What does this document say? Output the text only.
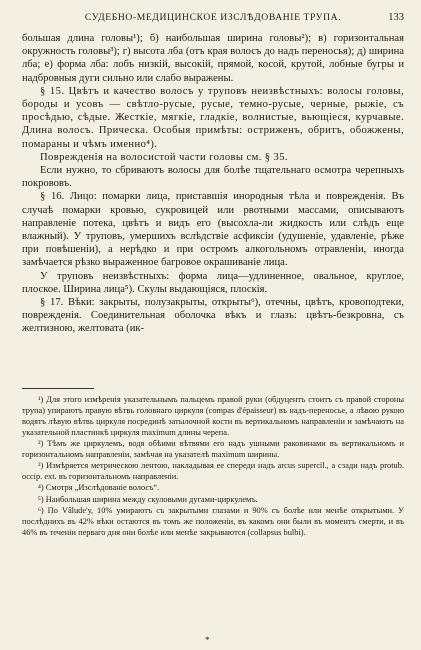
СУДЕБНО-МЕДИЦИНСКОЕ ИЗСЛѢДОВАНIЕ ТРУПА.	133

большая длина головы¹); б) наибольшая ширина головы²); в) горизонтальная окружность головы³); г) высота лба (отъ края волосъ до надъ переносья); д) ширина лба; е) форма лба: лобъ низкiй, высокiй, прямой, косой, крутой, лобные бугры и надбровныя дуги сильно или слабо выражены.

§ 15. Цвѣтъ и качество волосъ у труповъ неизвѣстныхъ: волосы головы, бороды и усовъ — свѣтло-русые, русые, темно-русые, черные, рыжiе, съ просѣдью, сѣдые. Жесткiе, мягкiе, гладкiе, волнистые, вьющiеся, курчавые. Длина волосъ. Прическа. Особыя примѣты: остриженъ, обритъ, обожжены, помараны и чѣмъ именно⁴).

Поврежденiя на волосистой части головы см. § 35.

Если нужно, то сбриваютъ волосы для болѣе тщательнаго осмотра черепныхъ покрововъ.

§ 16. Лицо: помарки лица, приставшiя инородныя тѣла и поврежденiя. Въ случаѣ помарки кровью, сукровицей или рвотными массами, описываютъ направленiе потека, цвѣтъ и видъ его (высохла-ли жидкость или слѣдъ еще влажный). У труповъ, умершихъ вслѣдствiе асфиксiи (удушенiе, удавленiе, рѣже при повѣшенiи), а нерѣдко и при остромъ алкогольномъ отравленiи, иногда замѣчается рѣзко выраженное багровое окрашиванiе лица.

У труповъ неизвѣстныхъ: форма лица—удлиненное, овальное, круглое, плоское. Ширина лица⁵). Скулы выдающiяся, плоскiя.

§ 17. Вѣки: закрыты, полузакрыты, открыты⁶), отечны, цвѣтъ, кровоподтеки, поврежденiя. Соединительная оболочка вѣкъ и глазъ: цвѣтъ-безкровна, съ желтизною, желтовата (ик-

¹) Для этого измѣренiя указательнымъ пальцемъ правой руки (обдуцентъ стоитъ съ правой стороны трупа) упираютъ правую вѣтвь головнаго циркуля (compas d'épaisseur) въ надъ-переносье, а лѣвою рукою водятъ лѣвую вѣтвь циркуля посрединѣ затылочной кости въ вертикальномъ направленiи и замѣчаютъ на указательной пластинкѣ циркуля maximum длины черепа.

²) Тѣмъ же циркулемъ, водя обѣими вѣтвями его надъ ушными раковинами въ вертикальномъ и горизонтальномъ направленiи, замѣчая на указателѣ maximum ширины.

³) Измѣряется метрическою лентою, накладывая ее спереди надъ arcus supercil., а сзади надъ protub. occip. ext. въ горизонтальномъ направленiи.

⁴) Смотря „Изслѣдованiе волосъ“.

⁵) Наибольшая ширина между скуловыми дугами-циркулемъ.

⁶) По Vâlude'у, 10% умираютъ съ закрытыми глазами и 90% съ болѣе или менѣе открытыми. У послѣднихъ въ 42% вѣки остаются въ томъ же положенiи, въ какомъ они были въ моментъ смерти, и въ 46% въ теченiи перваго дня они болѣе или менѣе закрываются (collapsus bulbi).

*
